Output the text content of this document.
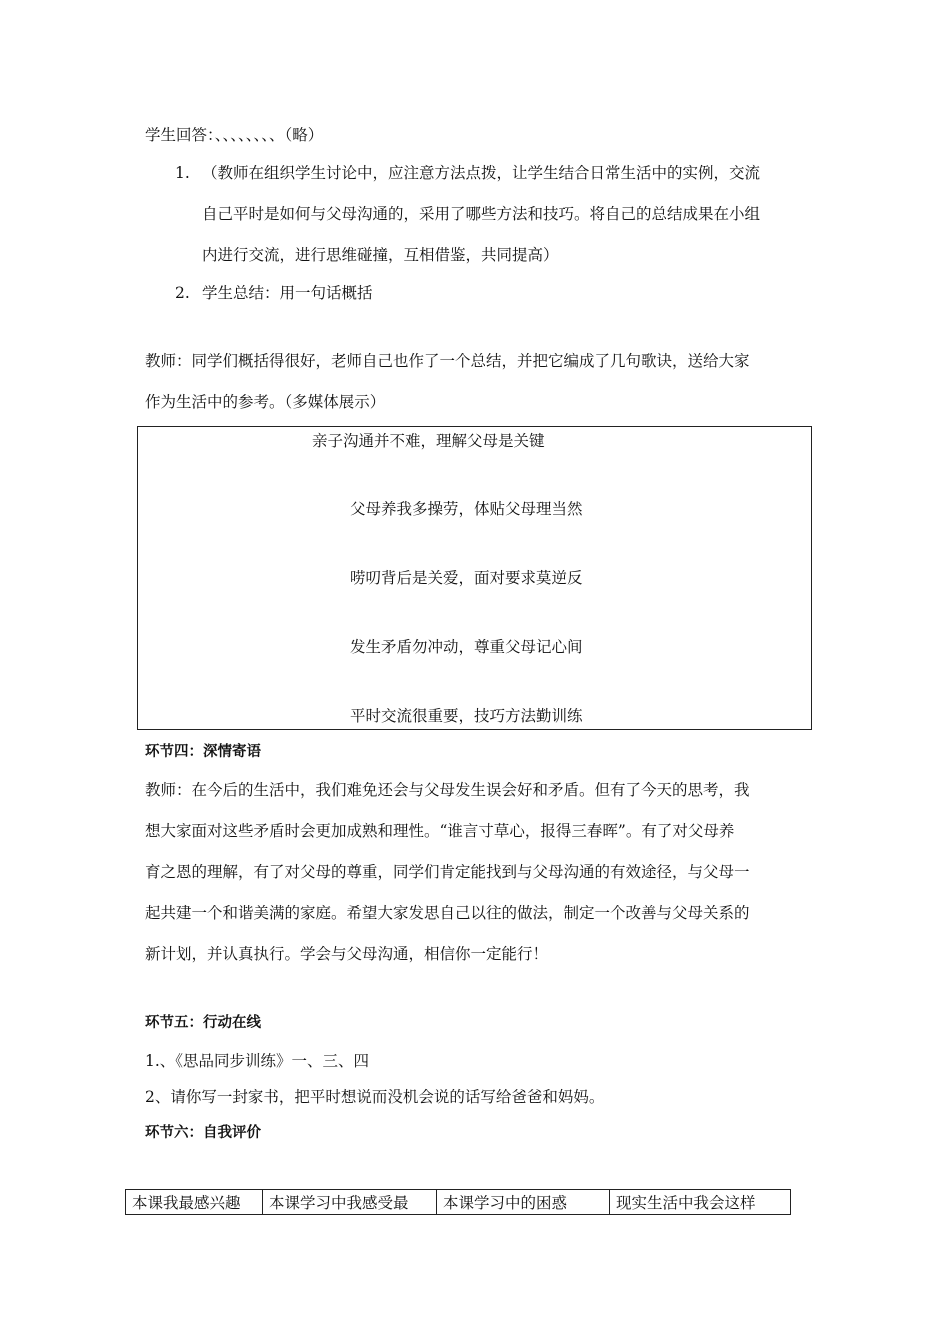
学生回答：、、、、、、、、（略）
1. （教师在组织学生讨论中，应注意方法点拨，让学生结合日常生活中的实例，交流
自己平时是如何与父母沟通的，采用了哪些方法和技巧。将自己的总结成果在小组
内进行交流，进行思维碰撞，互相借鉴，共同提高）
2. 学生总结：用一句话概括
教师：同学们概括得很好，老师自己也作了一个总结，并把它编成了几句歌诀，送给大家
作为生活中的参考。（多媒体展示）
亲子沟通并不难，理解父母是关键
父母养我多操劳，体贴父母理当然
唠叨背后是关爱，面对要求莫逆反
发生矛盾勿冲动，尊重父母记心间
平时交流很重要，技巧方法勤训练
环节四：深情寄语
教师：在今后的生活中，我们难免还会与父母发生误会好和矛盾。但有了今天的思考，我
想大家面对这些矛盾时会更加成熟和理性。“谁言寸草心，报得三春晖”。有了对父母养
育之恩的理解，有了对父母的尊重，同学们肯定能找到与父母沟通的有效途径，与父母一
起共建一个和谐美满的家庭。希望大家发思自己以往的做法，制定一个改善与父母关系的
新计划，并认真执行。学会与父母沟通，相信你一定能行！
环节五：行动在线
1.、《思品同步训练》一、三、四
2、请你写一封家书，把平时想说而没机会说的话写给爸爸和妈妈。
环节六：自我评价
本课我最感兴趣	本课学习中我感受最	本课学习中的困惑	现实生活中我会这样
